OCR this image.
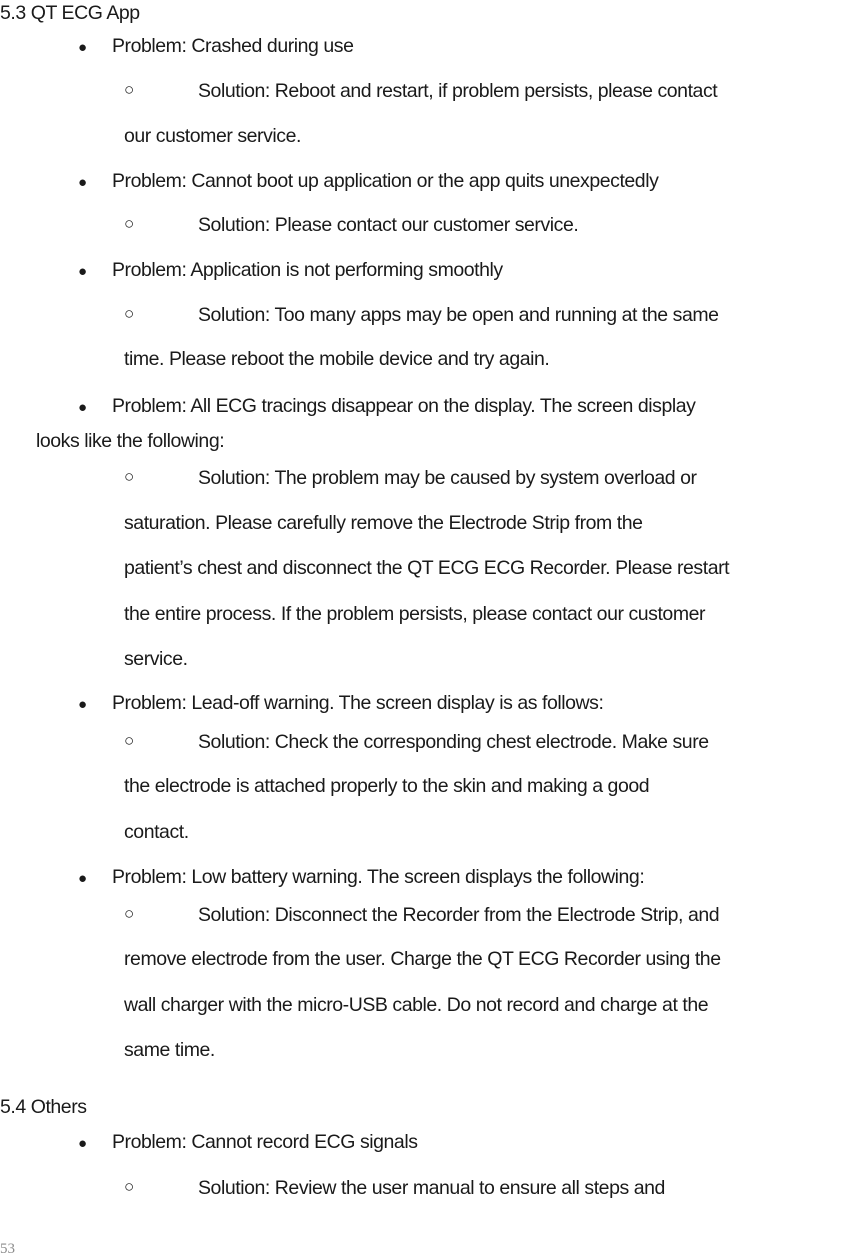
5.3 QT ECG App
● Problem: Crashed during use
○	Solution: Reboot and restart, if problem persists, please contact
our customer service.
● Problem: Cannot boot up application or the app quits unexpectedly
○	Solution: Please contact our customer service.
● Problem: Application is not performing smoothly
○	Solution: Too many apps may be open and running at the same
time. Please reboot the mobile device and try again.
● Problem: All ECG tracings disappear on the display. The screen display
looks like the following:
○	Solution: The problem may be caused by system overload or
saturation. Please carefully remove the Electrode Strip from the
patient’s chest and disconnect the QT ECG ECG Recorder. Please restart
the entire process. If the problem persists, please contact our customer
service.
● Problem: Lead-off warning. The screen display is as follows:
○	Solution: Check the corresponding chest electrode. Make sure
the electrode is attached properly to the skin and making a good
contact.
● Problem: Low battery warning. The screen displays the following:
○	Solution: Disconnect the Recorder from the Electrode Strip, and
remove electrode from the user. Charge the QT ECG Recorder using the
wall charger with the micro-USB cable. Do not record and charge at the
same time.
5.4 Others
● Problem: Cannot record ECG signals
○	Solution: Review the user manual to ensure all steps and
53
